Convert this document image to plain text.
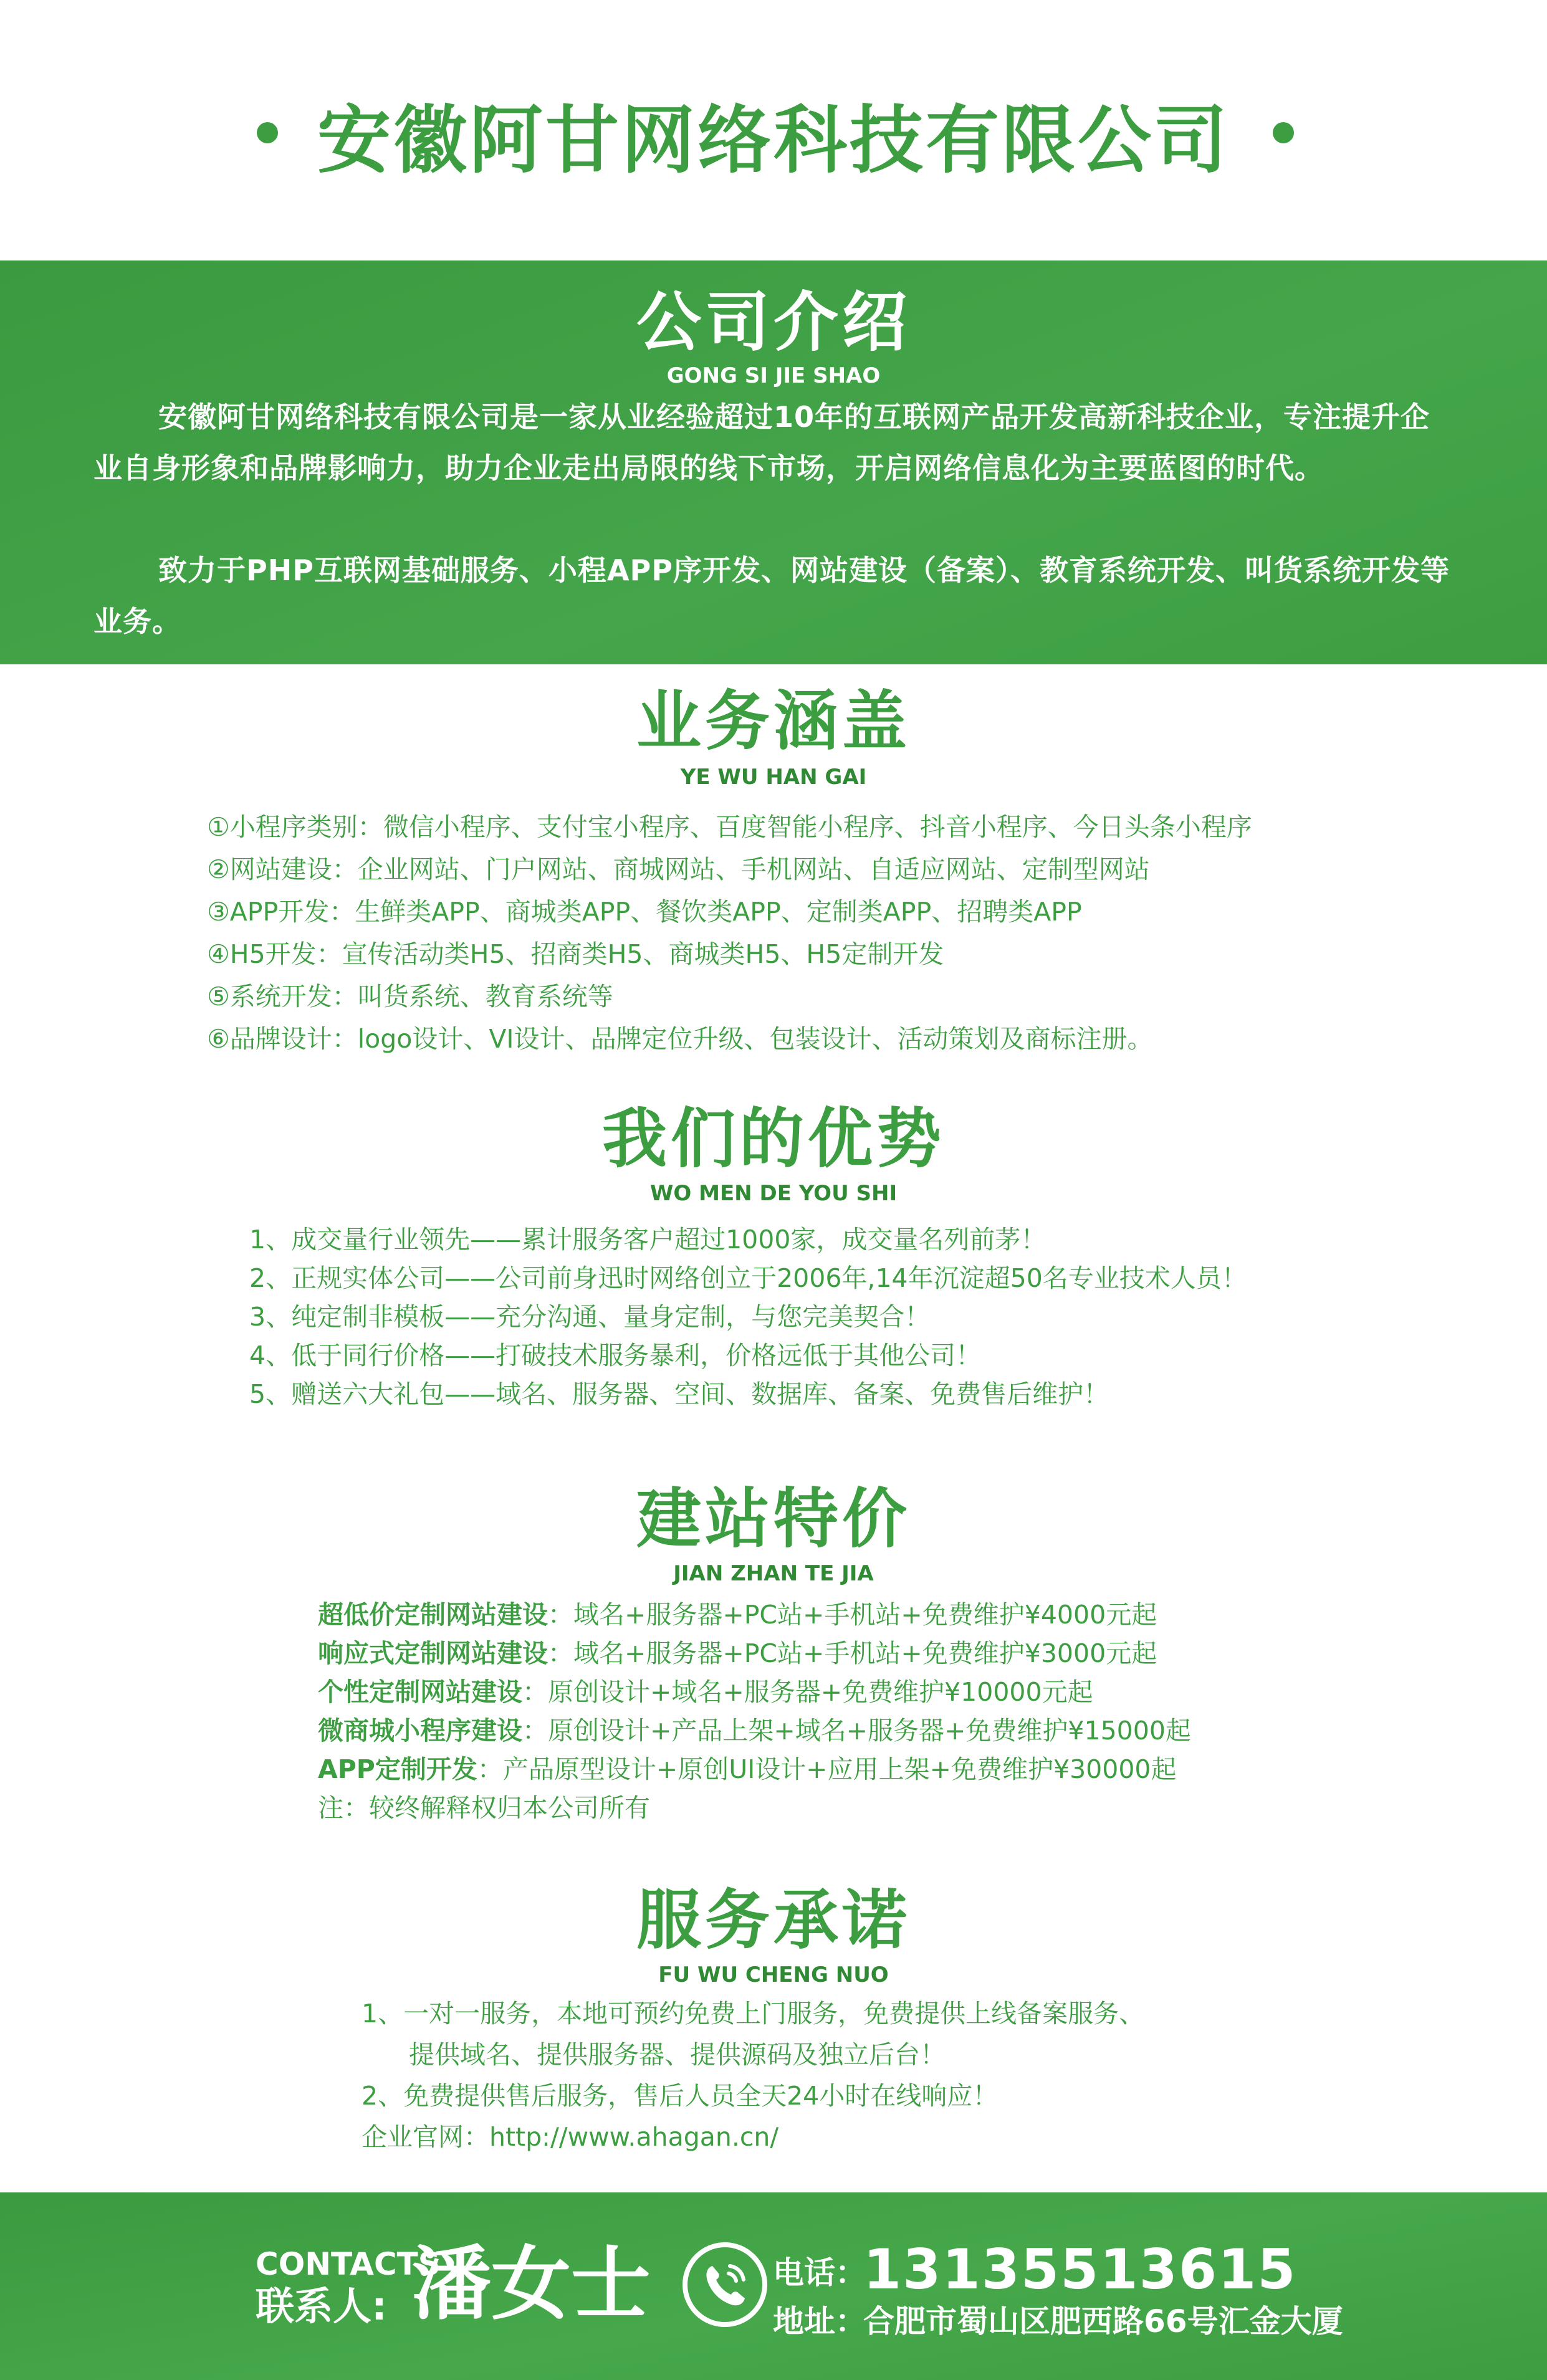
安徽阿甘网络科技有限公司
公司介绍
GONG SI JIE SHAO
安徽阿甘网络科技有限公司是一家从业经验超过10年的互联网产品开发高新科技企业，专注提升企业自身形象和品牌影响力，助力企业走出局限的线下市场，开启网络信息化为主要蓝图的时代。
致力于PHP互联网基础服务、小程APP序开发、网站建设（备案）、教育系统开发、叫货系统开发等业务。
业务涵盖
YE WU HAN GAI
①小程序类别：微信小程序、支付宝小程序、百度智能小程序、抖音小程序、今日头条小程序
②网站建设：企业网站、门户网站、商城网站、手机网站、自适应网站、定制型网站
③APP开发：生鲜类APP、商城类APP、餐饮类APP、定制类APP、招聘类APP
④H5开发：宣传活动类H5、招商类H5、商城类H5、H5定制开发
⑤系统开发：叫货系统、教育系统等
⑥品牌设计：logo设计、VI设计、品牌定位升级、包装设计、活动策划及商标注册。
我们的优势
WO MEN DE YOU SHI
1、成交量行业领先——累计服务客户超过1000家，成交量名列前茅！
2、正规实体公司——公司前身迅时网络创立于2006年,14年沉淀超50名专业技术人员！
3、纯定制非模板——充分沟通、量身定制，与您完美契合！
4、低于同行价格——打破技术服务暴利，价格远低于其他公司！
5、赠送六大礼包——域名、服务器、空间、数据库、备案、免费售后维护！
建站特价
JIAN ZHAN TE JIA
超低价定制网站建设：域名+服务器+PC站+手机站+免费维护¥4000元起
响应式定制网站建设：域名+服务器+PC站+手机站+免费维护¥3000元起
个性定制网站建设：原创设计+域名+服务器+免费维护¥10000元起
微商城小程序建设：原创设计+产品上架+域名+服务器+免费维护¥15000起
APP定制开发：产品原型设计+原创UI设计+应用上架+免费维护¥30000起
注：较终解释权归本公司所有
服务承诺
FU WU CHENG NUO
1、一对一服务，本地可预约免费上门服务，免费提供上线备案服务、
提供域名、提供服务器、提供源码及独立后台！
2、免费提供售后服务，售后人员全天24小时在线响应！
企业官网：http://www.ahagan.cn/
CONTACTS
联系人: 潘女士	电话：
13135513615
地址：
合肥市蜀山区肥西路66号汇金大厦
